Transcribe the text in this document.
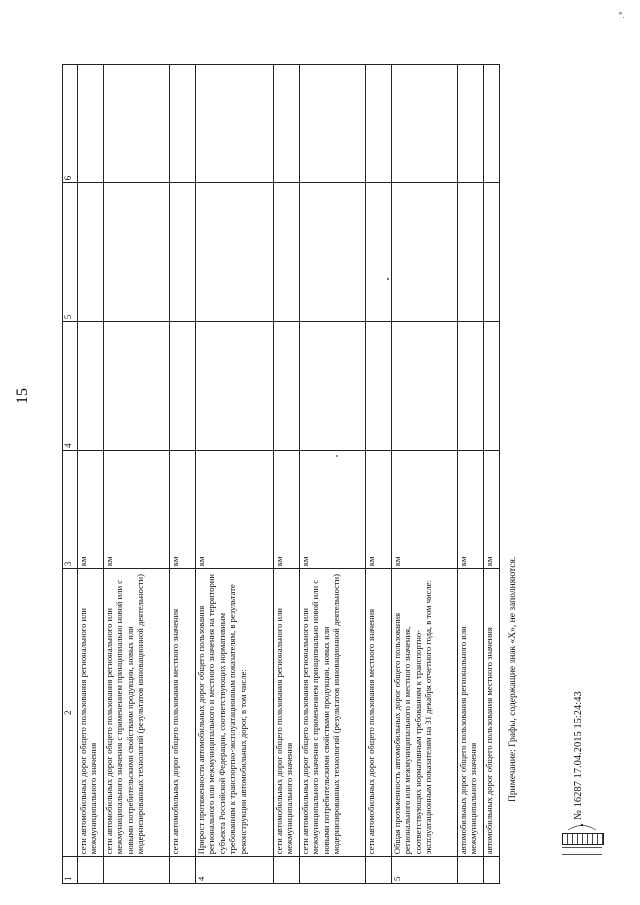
*.
15
1	2	3	4	5	6
	сети автомобильных дорог общего пользования регионального или межмуниципального значения	км			
	сети автомобильных дорог общего пользования регионального или межмуниципального значения с применением принципиально новой или с новыми потребительскими свойствами продукции, новых или модернизированных технологий (результатов инновационной деятельности)	км			
	сети автомобильных дорог общего пользования местного значения	км			
4	Прирост протяженности автомобильных дорог общего пользования регионального или межмуниципального и местного значения на территории субъекта Российской Федерации, соответствующих нормативным требованиям к транспортно-эксплуатационным показателям, в результате реконструкции автомобильных дорог, в том числе:	км			
	сети автомобильных дорог общего пользования регионального или межмуниципального значения	км			
	сети автомобильных дорог общего пользования регионального или межмуниципального значения с применением принципиально новой или с новыми потребительскими свойствами продукции, новых или модернизированных технологий (результатов инновационной деятельности)	км			
	сети автомобильных дорог общего пользования местного значения	км			
5	Общая протяженность автомобильных дорог общего пользования регионального или межмуниципального и местного значения, соответствующих нормативным требованиям к транспортно-эксплуатационным показателям на 31 декабря отчетного года, в том числе:	км			
	автомобильных дорог общего пользования регионального или межмуниципального значения	км			
	автомобильных дорог общего пользования местного значения	км			Примечание: Графы, содержащие знак «Х», не заполняются.	№ 16287 17.04.2015 15:24:43
